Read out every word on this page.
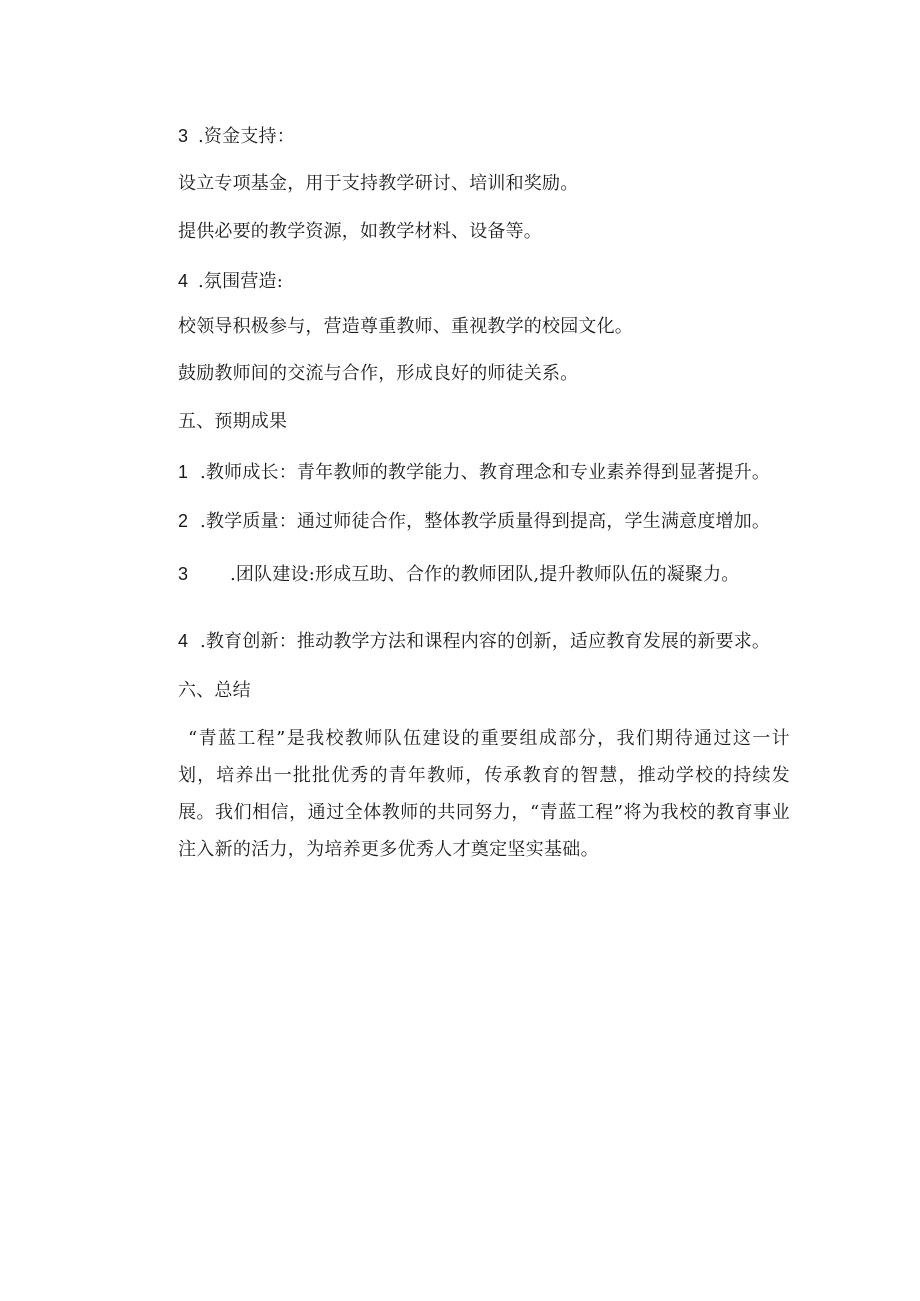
3 .资金支持：
设立专项基金，用于支持教学研讨、培训和奖励。
提供必要的教学资源，如教学材料、设备等。
4 .氛围营造:
校领导积极参与，营造尊重教师、重视教学的校园文化。
鼓励教师间的交流与合作，形成良好的师徒关系。
五、预期成果
1 .教师成长：青年教师的教学能力、教育理念和专业素养得到显著提升。
2 .教学质量：通过师徒合作，整体教学质量得到提高，学生满意度增加。
3 .团队建设:形成互助、合作的教师团队,提升教师队伍的凝聚力。
4 .教育创新：推动教学方法和课程内容的创新，适应教育发展的新要求。
六、总结
“青蓝工程”是我校教师队伍建设的重要组成部分，我们期待通过这一计划，培养出一批批优秀的青年教师，传承教育的智慧，推动学校的持续发展。我们相信，通过全体教师的共同努力，“青蓝工程”将为我校的教育事业注入新的活力，为培养更多优秀人才奠定坚实基础。
